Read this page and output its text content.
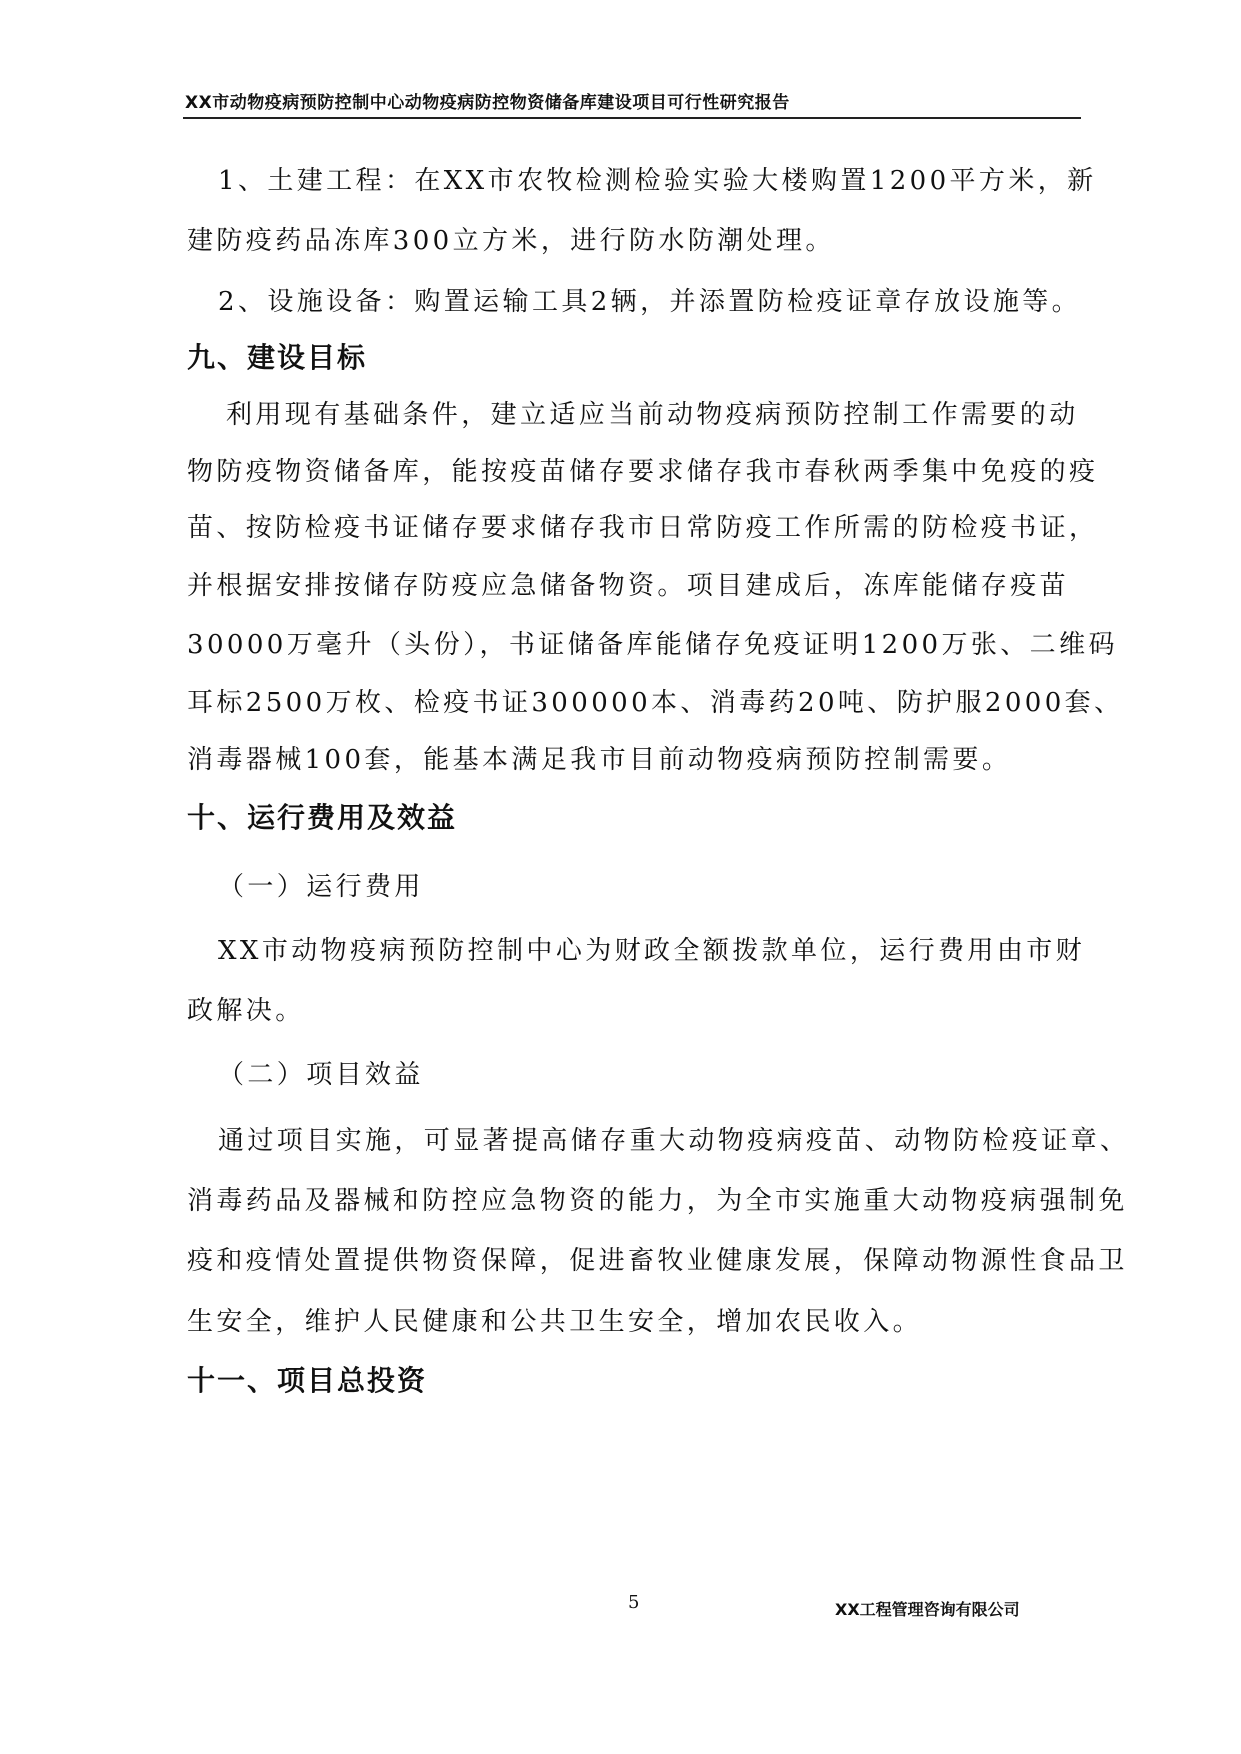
XX市动物疫病预防控制中心动物疫病防控物资储备库建设项目可行性研究报告
1、土建工程：在XX市农牧检测检验实验大楼购置1200平方米，新
建防疫药品冻库300立方米，进行防水防潮处理。
2、设施设备：购置运输工具2辆，并添置防检疫证章存放设施等。
九、建设目标
利用现有基础条件，建立适应当前动物疫病预防控制工作需要的动
物防疫物资储备库，能按疫苗储存要求储存我市春秋两季集中免疫的疫
苗、按防检疫书证储存要求储存我市日常防疫工作所需的防检疫书证，
并根据安排按储存防疫应急储备物资。项目建成后，冻库能储存疫苗
30000万毫升（头份），书证储备库能储存免疫证明1200万张、二维码
耳标2500万枚、检疫书证300000本、消毒药20吨、防护服2000套、
消毒器械100套，能基本满足我市目前动物疫病预防控制需要。
十、运行费用及效益
（一）运行费用
XX市动物疫病预防控制中心为财政全额拨款单位，运行费用由市财
政解决。
（二）项目效益
通过项目实施，可显著提高储存重大动物疫病疫苗、动物防检疫证章、
消毒药品及器械和防控应急物资的能力，为全市实施重大动物疫病强制免
疫和疫情处置提供物资保障，促进畜牧业健康发展，保障动物源性食品卫
生安全，维护人民健康和公共卫生安全，增加农民收入。
十一、项目总投资
5	XX工程管理咨询有限公司
